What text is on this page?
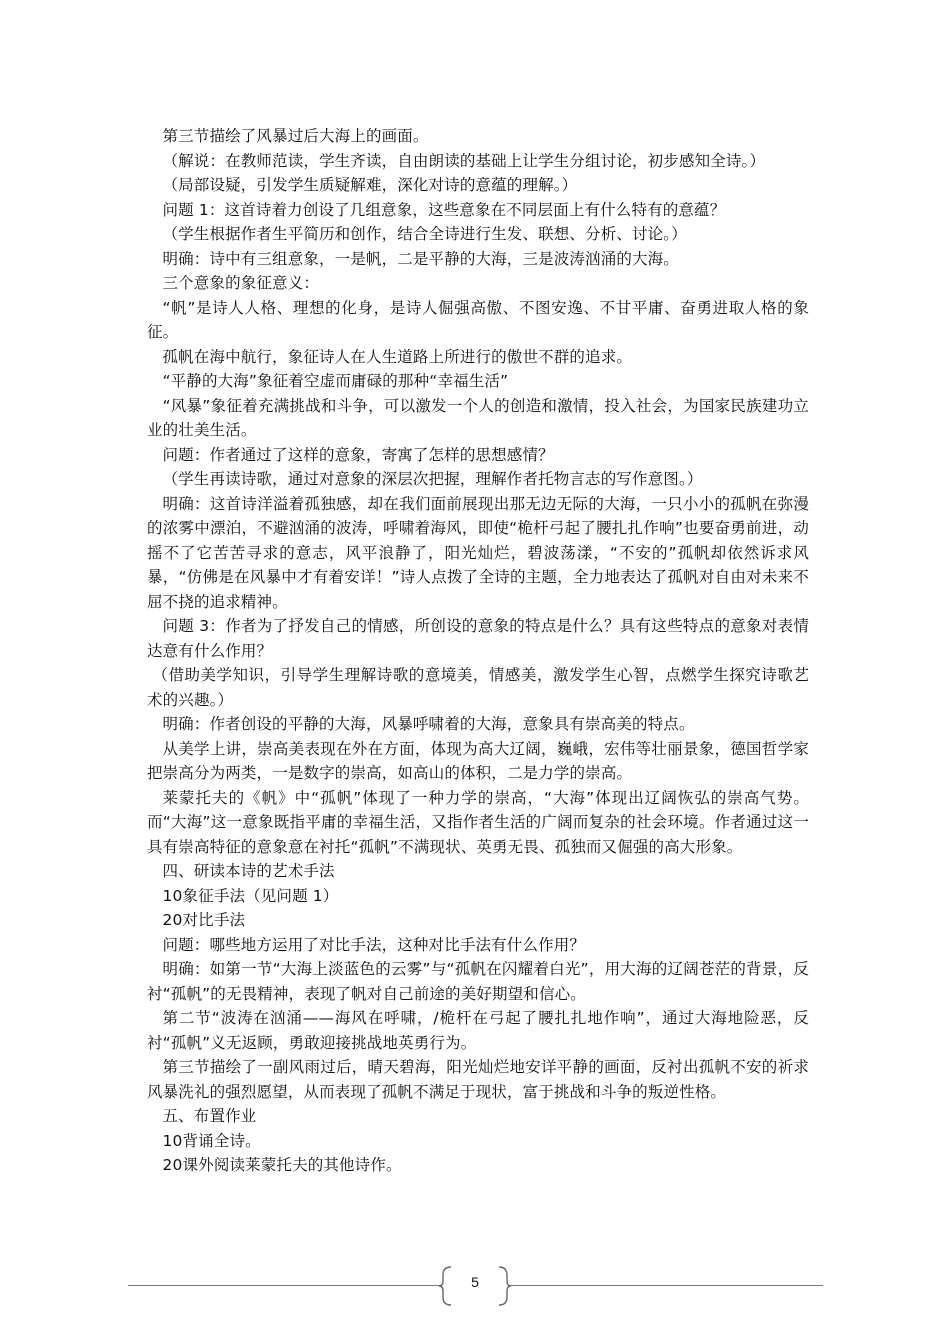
第三节描绘了风暴过后大海上的画面。

（解说：在教师范读，学生齐读，自由朗读的基础上让学生分组讨论，初步感知全诗。）

（局部设疑，引发学生质疑解难，深化对诗的意蕴的理解。）

问题 1：这首诗着力创设了几组意象，这些意象在不同层面上有什么特有的意蕴？

（学生根据作者生平简历和创作，结合全诗进行生发、联想、分析、讨论。）

明确：诗中有三组意象，一是帆，二是平静的大海，三是波涛汹涌的大海。

三个意象的象征意义：

“帆”是诗人人格、理想的化身，是诗人倔强高傲、不图安逸、不甘平庸、奋勇进取人格的象征。

孤帆在海中航行，象征诗人在人生道路上所进行的傲世不群的追求。

“平静的大海”象征着空虚而庸碌的那种“幸福生活”

“风暴”象征着充满挑战和斗争，可以激发一个人的创造和激情，投入社会，为国家民族建功立业的壮美生活。

问题：作者通过了这样的意象，寄寓了怎样的思想感情？

（学生再读诗歌，通过对意象的深层次把握，理解作者托物言志的写作意图。）

明确：这首诗洋溢着孤独感，却在我们面前展现出那无边无际的大海，一只小小的孤帆在弥漫的浓雾中漂泊，不避汹涌的波涛，呼啸着海风，即使“桅杆弓起了腰扎扎作响”也要奋勇前进，动摇不了它苦苦寻求的意志，风平浪静了，阳光灿烂，碧波荡漾，“不安的”孤帆却依然诉求风暴，“仿佛是在风暴中才有着安详！”诗人点拨了全诗的主题，全力地表达了孤帆对自由对未来不屈不挠的追求精神。

问题 3：作者为了抒发自己的情感，所创设的意象的特点是什么？具有这些特点的意象对表情达意有什么作用？

（借助美学知识，引导学生理解诗歌的意境美，情感美，激发学生心智，点燃学生探究诗歌艺术的兴趣。）

明确：作者创设的平静的大海，风暴呼啸着的大海，意象具有崇高美的特点。

从美学上讲，崇高美表现在外在方面，体现为高大辽阔，巍峨，宏伟等壮丽景象，德国哲学家把崇高分为两类，一是数字的崇高，如高山的体积，二是力学的崇高。

莱蒙托夫的《帆》中“孤帆”体现了一种力学的崇高，“大海”体现出辽阔恢弘的崇高气势。而“大海”这一意象既指平庸的幸福生活，又指作者生活的广阔而复杂的社会环境。作者通过这一具有崇高特征的意象意在衬托“孤帆”不满现状、英勇无畏、孤独而又倔强的高大形象。

四、研读本诗的艺术手法

10象征手法（见问题 1）

20对比手法

问题：哪些地方运用了对比手法，这种对比手法有什么作用？

明确：如第一节“大海上淡蓝色的云雾”与“孤帆在闪耀着白光”，用大海的辽阔苍茫的背景，反衬“孤帆”的无畏精神，表现了帆对自己前途的美好期望和信心。

第二节“波涛在汹涌——海风在呼啸，/桅杆在弓起了腰扎扎地作响”，通过大海地险恶，反衬“孤帆”义无返顾，勇敢迎接挑战地英勇行为。

第三节描绘了一副风雨过后，晴天碧海，阳光灿烂地安详平静的画面，反衬出孤帆不安的祈求风暴洗礼的强烈愿望，从而表现了孤帆不满足于现状，富于挑战和斗争的叛逆性格。

五、布置作业

10背诵全诗。

20课外阅读莱蒙托夫的其他诗作。

5
